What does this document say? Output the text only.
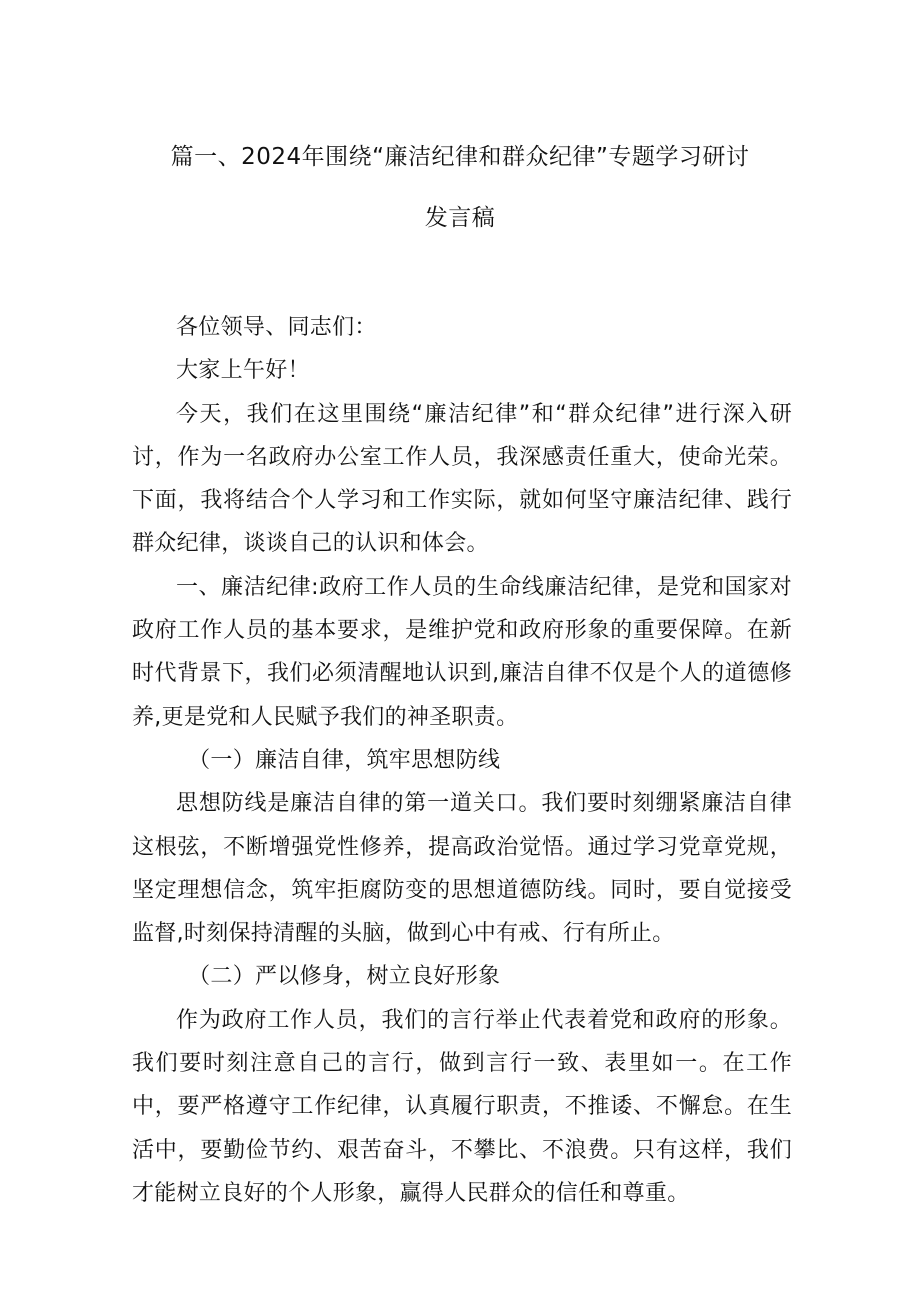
篇一、2024年围绕“廉洁纪律和群众纪律”专题学习研讨
发言稿

各位领导、同志们：

大家上午好！

今天，我们在这里围绕“廉洁纪律”和“群众纪律”进行深入研讨，作为一名政府办公室工作人员，我深感责任重大，使命光荣。下面，我将结合个人学习和工作实际，就如何坚守廉洁纪律、践行群众纪律，谈谈自己的认识和体会。

一、廉洁纪律:政府工作人员的生命线廉洁纪律，是党和国家对政府工作人员的基本要求，是维护党和政府形象的重要保障。在新时代背景下，我们必须清醒地认识到,廉洁自律不仅是个人的道德修养,更是党和人民赋予我们的神圣职责。

（一）廉洁自律，筑牢思想防线

思想防线是廉洁自律的第一道关口。我们要时刻绷紧廉洁自律这根弦，不断增强党性修养，提高政治觉悟。通过学习党章党规，坚定理想信念，筑牢拒腐防变的思想道德防线。同时，要自觉接受监督,时刻保持清醒的头脑，做到心中有戒、行有所止。

（二）严以修身，树立良好形象

作为政府工作人员，我们的言行举止代表着党和政府的形象。我们要时刻注意自己的言行，做到言行一致、表里如一。在工作中，要严格遵守工作纪律，认真履行职责，不推诿、不懈怠。在生活中，要勤俭节约、艰苦奋斗，不攀比、不浪费。只有这样，我们才能树立良好的个人形象，赢得人民群众的信任和尊重。
